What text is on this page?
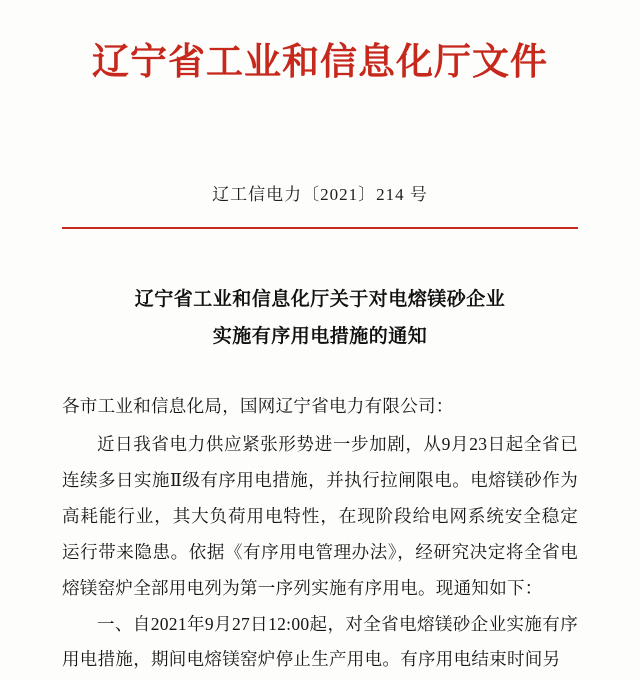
辽宁省工业和信息化厅文件
辽工信电力〔2021〕214 号
辽宁省工业和信息化厅关于对电熔镁砂企业
实施有序用电措施的通知

各市工业和信息化局，国网辽宁省电力有限公司：

近日我省电力供应紧张形势进一步加剧，从9月23日起全省已连续多日实施Ⅱ级有序用电措施，并执行拉闸限电。电熔镁砂作为高耗能行业，其大负荷用电特性，在现阶段给电网系统安全稳定运行带来隐患。依据《有序用电管理办法》，经研究决定将全省电熔镁窑炉全部用电列为第一序列实施有序用电。现通知如下：

一、自2021年9月27日12:00起，对全省电熔镁砂企业实施有序用电措施，期间电熔镁窑炉停止生产用电。有序用电结束时间另
